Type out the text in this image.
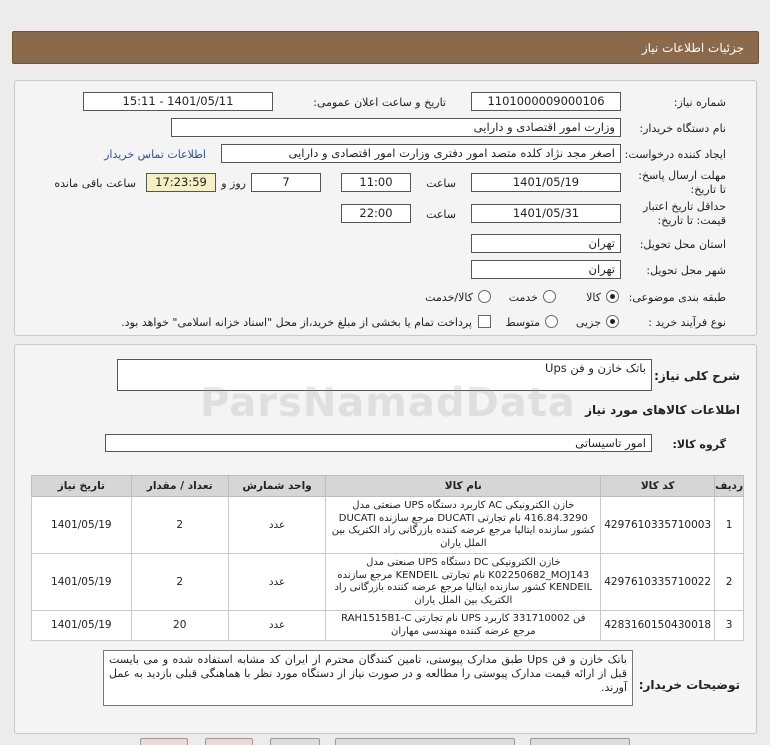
جزئیات اطلاعات نیاز
شماره نیاز:
1101000009000106
تاریخ و ساعت اعلان عمومی:
1401/05/11 - 15:11
نام دستگاه خریدار:
وزارت امور اقتصادی و دارایی
ایجاد کننده درخواست:
اصغر مجد نژاد کلده متصد امور دفتری وزارت امور اقتصادی و دارایی
اطلاعات تماس خریدار
مهلت ارسال پاسخ: تا تاریخ:
1401/05/19
ساعت
11:00
7
روز و
17:23:59
ساعت باقی مانده
حداقل تاریخ اعتبار قیمت: تا تاریخ:
1401/05/31
ساعت
22:00
استان محل تحویل:
تهران
شهر محل تحویل:
تهران
طبقه بندی موضوعی:
کالا
خدمت
کالا/خدمت
نوع فرآیند خرید :
جزیی
متوسط
پرداخت تمام یا بخشی از مبلغ خرید،از محل "اسناد خزانه اسلامی" خواهد بود.
شرح کلی نیاز:
باتک خازن و فن Ups
اطلاعات کالاهای مورد نیاز
گروه کالا:
امور تاسیساتی
ردیف	کد کالا	نام کالا	واحد شمارش	تعداد / مقدار	تاریخ نیاز
1	4297610335710003	خازن الکترونیکی AC کاربرد دستگاه UPS صنعتی مدل 416.84.3290 نام تجارتی DUCATI مرجع سازنده DUCATI کشور سازنده ایتالیا مرجع عرضه کننده بازرگانی راد الکتریک بین الملل یاران	عدد	2	1401/05/19
2	4297610335710022	خازن الکترونیکی DC دستگاه UPS صنعتی مدل K02250682_MOJ143 نام تجارتی KENDEIL مرجع سازنده KENDEIL کشور سازنده ایتالیا مرجع عرضه کننده بازرگانی راد الکتریک بین الملل یاران	عدد	2	1401/05/19
3	4283160150430018	فن 331710002 کاربرد UPS نام تجارتی RAH1515B1-C مرجع عرضه کننده مهندسی مهاران	عدد	20	1401/05/19
توضیحات خریدار:
باتک خازن و فن Ups طبق مدارک پیوستی، تامین کنندگان محترم از ایران کد مشابه استفاده شده و می بایست قبل از ارائه قیمت مدارک پیوستی را مطالعه و در صورت نیاز از دستگاه مورد نظر با هماهنگی قبلی بازدید به عمل آورند.
ParsNamadData
